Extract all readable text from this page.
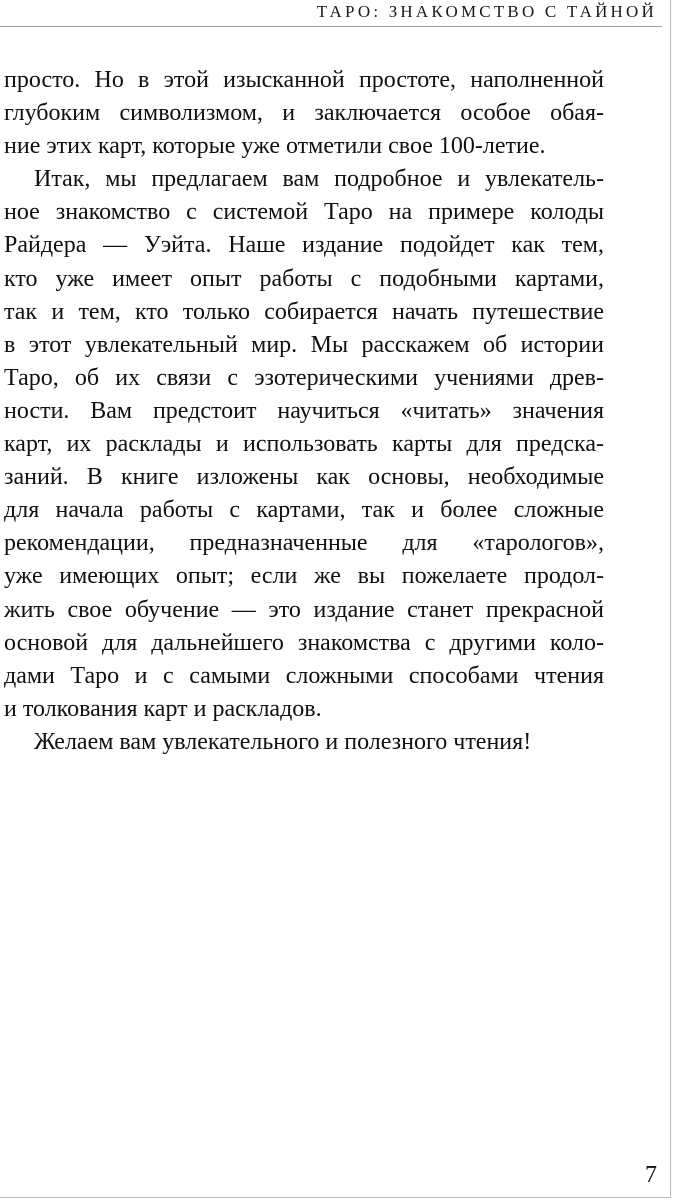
ТАРО: ЗНАКОМСТВО С ТАЙНОЙ
просто. Но в этой изысканной простоте, наполненной
глубоким символизмом, и заключается особое обая-
ние этих карт, которые уже отметили свое 100-летие.
Итак, мы предлагаем вам подробное и увлекатель-
ное знакомство с системой Таро на примере колоды
Райдера — Уэйта. Наше издание подойдет как тем,
кто уже имеет опыт работы с подобными картами,
так и тем, кто только собирается начать путешествие
в этот увлекательный мир. Мы расскажем об истории
Таро, об их связи с эзотерическими учениями древ-
ности. Вам предстоит научиться «читать» значения
карт, их расклады и использовать карты для предска-
заний. В книге изложены как основы, необходимые
для начала работы с картами, так и более сложные
рекомендации, предназначенные для «тарологов»,
уже имеющих опыт; если же вы пожелаете продол-
жить свое обучение — это издание станет прекрасной
основой для дальнейшего знакомства с другими коло-
дами Таро и с самыми сложными способами чтения
и толкования карт и раскладов.
Желаем вам увлекательного и полезного чтения!
7
